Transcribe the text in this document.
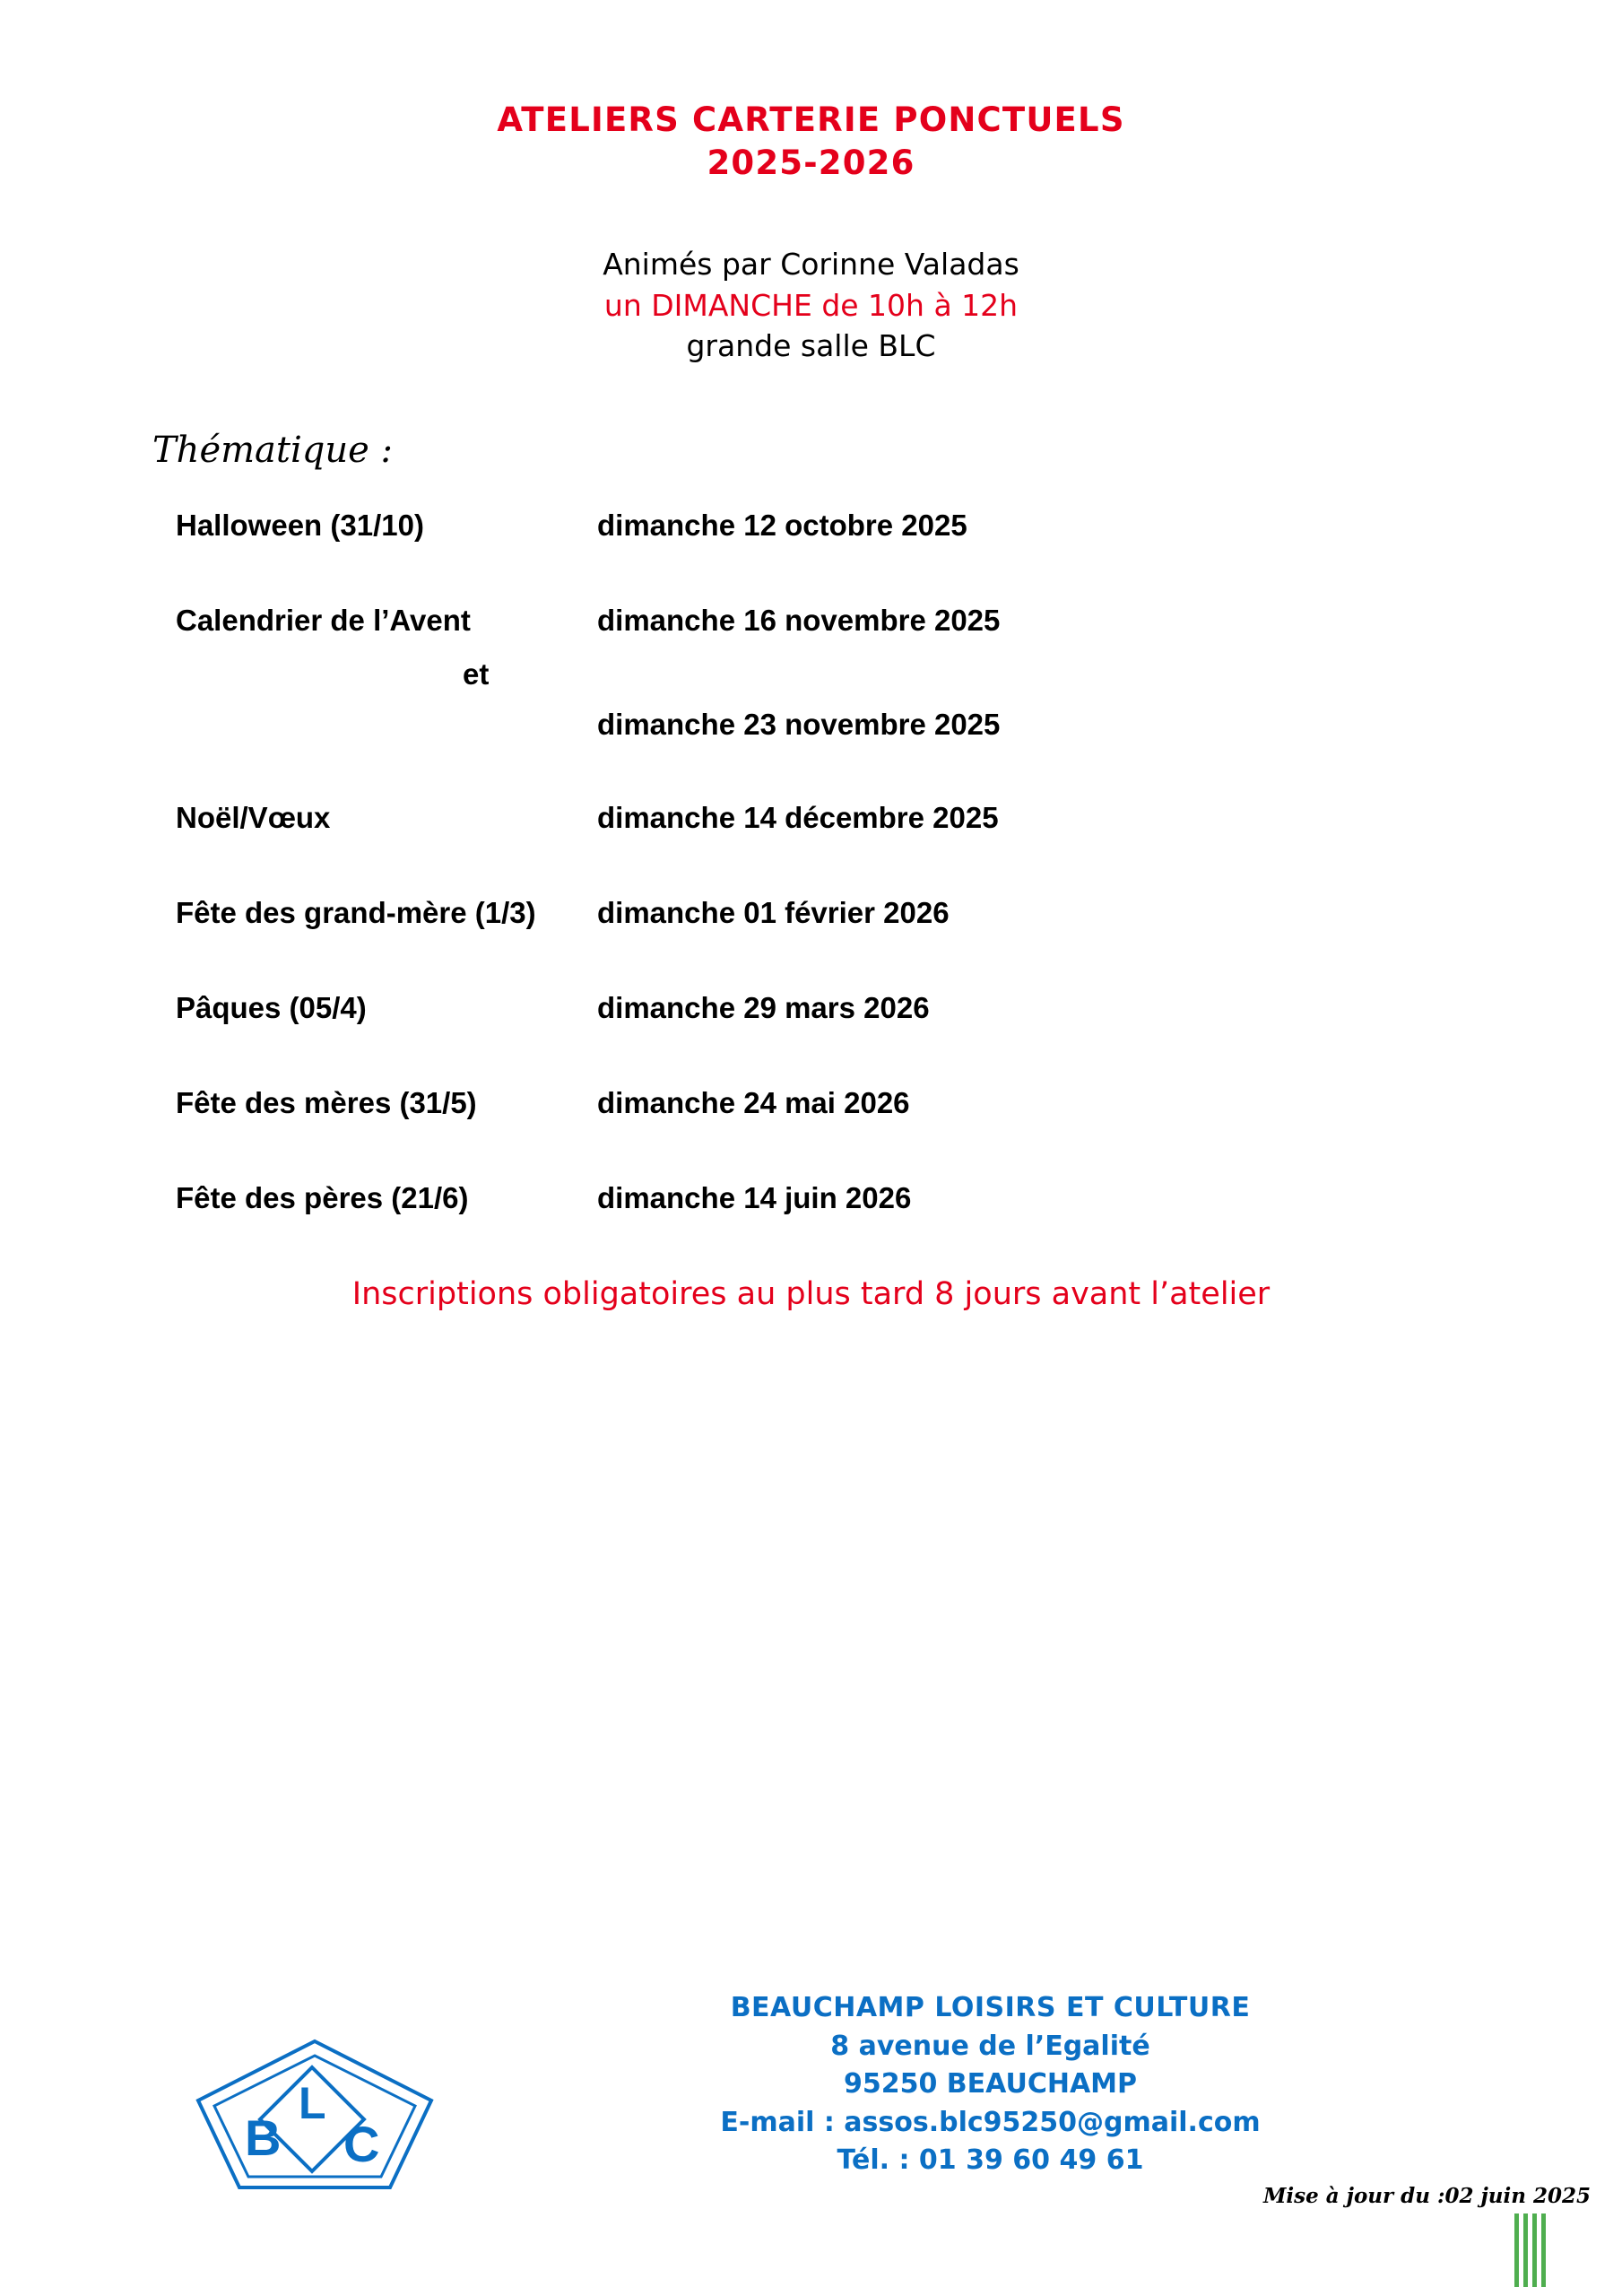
ATELIERS CARTERIE PONCTUELS
2025-2026
Animés par Corinne Valadas
un DIMANCHE de 10h à 12h
grande salle BLC
Thématique :
Halloween (31/10)	dimanche 12 octobre 2025
Calendrier de l’Avent	dimanche 16 novembre 2025
et
dimanche 23 novembre 2025
Noël/Vœux	dimanche 14 décembre 2025
Fête des grand-mère (1/3)	dimanche 01 février 2026
Pâques (05/4)	dimanche 29 mars 2026
Fête des mères (31/5)	dimanche 24 mai 2026
Fête des pères (21/6)	dimanche 14 juin 2026
Inscriptions obligatoires au plus tard 8 jours avant l’atelier
B
L
C
BEAUCHAMP LOISIRS ET CULTURE
8 avenue de l’Egalité
95250 BEAUCHAMP
E-mail : assos.blc95250@gmail.com
Tél. : 01 39 60 49 61
Mise à jour du :02 juin 2025
